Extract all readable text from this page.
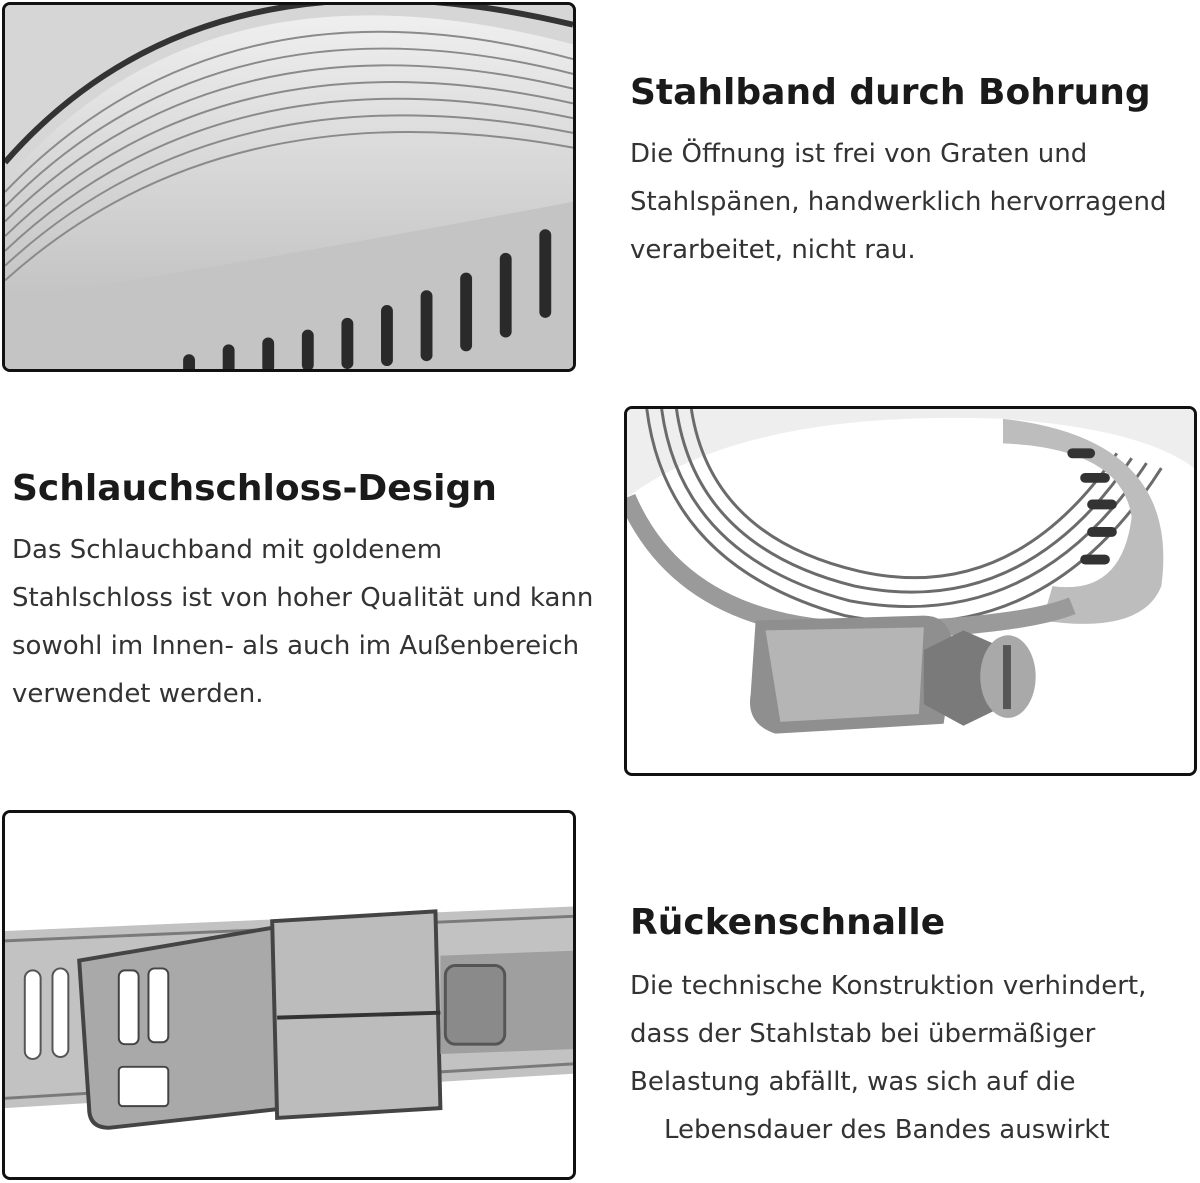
Stahlband durch Bohrung

Die Öffnung ist frei von Graten und
Stahlspänen, handwerklich hervorragend
verarbeitet, nicht rau.

Schlauchschloss-Design

Das Schlauchband mit goldenem
Stahlschloss ist von hoher Qualität und kann
sowohl im Innen- als auch im Außenbereich
verwendet werden.

Rückenschnalle

Die technische Konstruktion verhindert,
dass der Stahlstab bei übermäßiger
Belastung abfällt, was sich auf die
Lebensdauer des Bandes auswirkt
